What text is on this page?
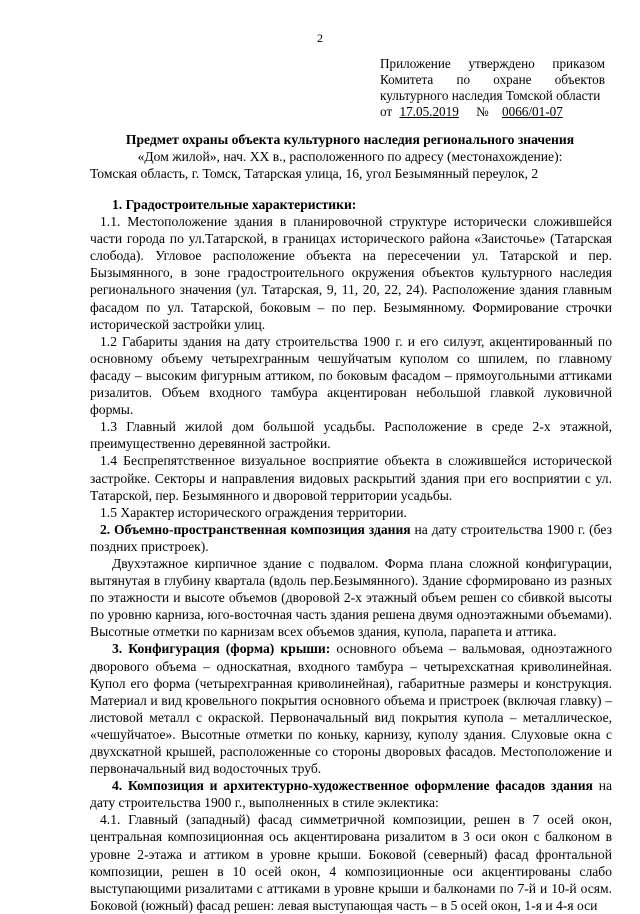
2
Приложение утверждено приказом
Комитета по охране объектов
культурного наследия Томской области
от 17.05.2019 № 0066/01-07
Предмет охраны объекта культурного наследия регионального значения
«Дом жилой», нач. XX в., расположенного по адресу (местонахождение):
Томская область, г. Томск, Татарская улица, 16, угол Безымянный переулок, 2

1. Градостроительные характеристики:

1.1. Местоположение здания в планировочной структуре исторически сложившейся части города по ул.Татарской, в границах исторического района «Заисточье» (Татарская слобода). Угловое расположение объекта на пересечении ул. Татарской и пер. Бызымянного, в зоне градостроительного окружения объектов культурного наследия регионального значения (ул. Татарская, 9, 11, 20, 22, 24). Расположение здания главным фасадом по ул. Татарской, боковым – по пер. Безымянному. Формирование строчки исторической застройки улиц.

1.2 Габариты здания на дату строительства 1900 г. и его силуэт, акцентированный по основному объему четырехгранным чешуйчатым куполом со шпилем, по главному фасаду – высоким фигурным аттиком, по боковым фасадом – прямоугольными аттиками ризалитов. Объем входного тамбура акцентирован небольшой главкой луковичной формы.

1.3 Главный жилой дом большой усадьбы. Расположение в среде 2-х этажной, преимущественно деревянной застройки.

1.4 Беспрепятственное визуальное восприятие объекта в сложившейся исторической застройке. Секторы и направления видовых раскрытий здания при его восприятии с ул. Татарской, пер. Безымянного и дворовой территории усадьбы.

1.5 Характер исторического ограждения территории.

2. Объемно-пространственная композиция здания на дату строительства 1900 г. (без поздних пристроек).

Двухэтажное кирпичное здание с подвалом. Форма плана сложной конфигурации, вытянутая в глубину квартала (вдоль пер.Безымянного). Здание сформировано из разных по этажности и высоте объемов (дворовой 2-х этажный объем решен со сбивкой высоты по уровню карниза, юго-восточная часть здания решена двумя одноэтажными объемами). Высотные отметки по карнизам всех объемов здания, купола, парапета и аттика.

3. Конфигурация (форма) крыши: основного объема – вальмовая, одноэтажного дворового объема – односкатная, входного тамбура – четырехскатная криволинейная. Купол его форма (четырехгранная криволинейная), габаритные размеры и конструкция. Материал и вид кровельного покрытия основного объема и пристроек (включая главку) – листовой металл с окраской. Первоначальный вид покрытия купола – металлическое, «чешуйчатое». Высотные отметки по коньку, карнизу, куполу здания. Слуховые окна с двухскатной крышей, расположенные со стороны дворовых фасадов. Местоположение и первоначальный вид водосточных труб.

4. Композиция и архитектурно-художественное оформление фасадов здания на дату строительства 1900 г., выполненных в стиле эклектика:

4.1. Главный (западный) фасад симметричной композиции, решен в 7 осей окон, центральная композиционная ось акцентирована ризалитом в 3 оси окон с балконом в уровне 2-этажа и аттиком в уровне крыши. Боковой (северный) фасад фронтальной композиции, решен в 10 осей окон, 4 композиционные оси акцентированы слабо выступающими ризалитами с аттиками в уровне крыши и балконами по 7-й и 10-й осям. Боковой (южный) фасад решен: левая выступающая часть – в 5 осей окон, 1-я и 4-я оси
